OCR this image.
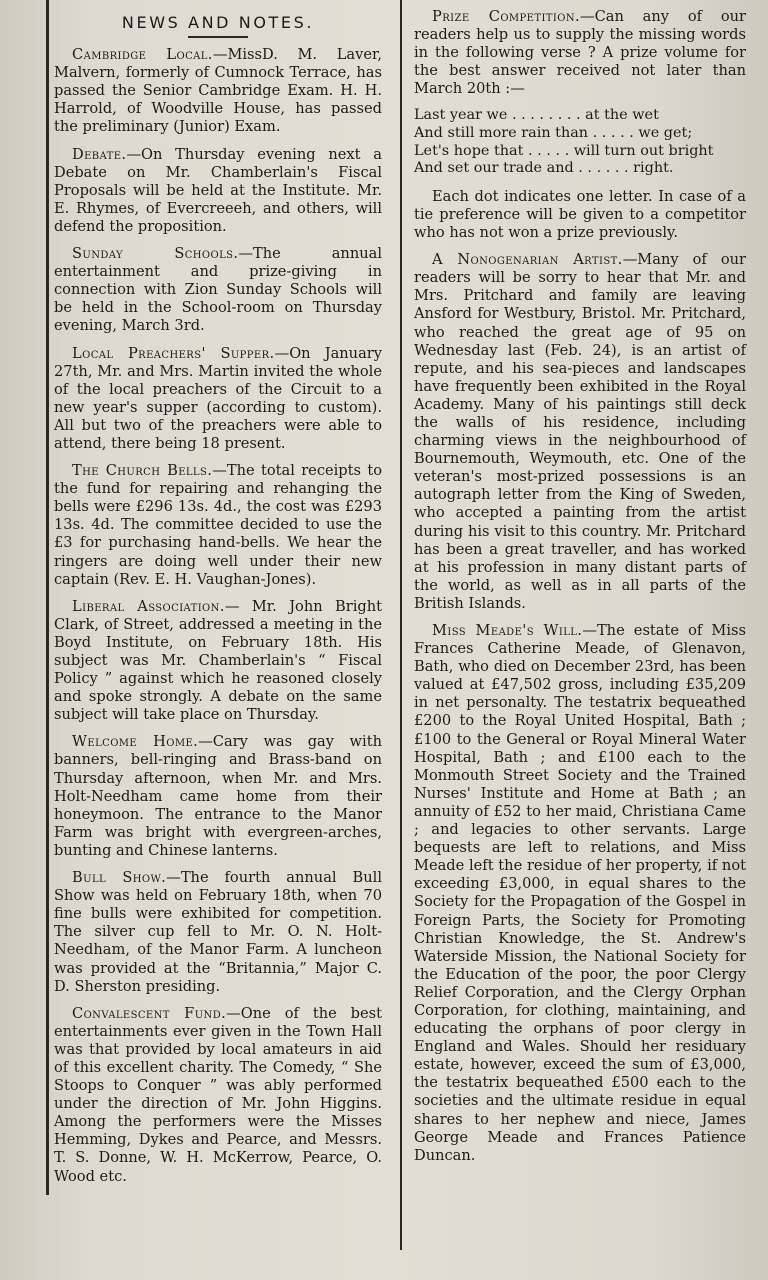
NEWS AND NOTES.

Cambridge Local.—MissD. M. Laver, Malvern, formerly of Cumnock Terrace, has passed the Senior Cambridge Exam. H. H. Harrold, of Woodville House, has passed the preliminary (Junior) Exam.

Debate.—On Thursday evening next a Debate on Mr. Chamberlain's Fiscal Proposals will be held at the Institute. Mr. E. Rhymes, of Evercreeeh, and others, will defend the proposition.

Sunday Schools.—The annual entertainment and prize-giving in connection with Zion Sunday Schools will be held in the School-room on Thursday evening, March 3rd.

Local Preachers' Supper.—On January 27th, Mr. and Mrs. Martin invited the whole of the local preachers of the Circuit to a new year's supper (according to custom). All but two of the preachers were able to attend, there being 18 present.

The Church Bells.—The total receipts to the fund for repairing and rehanging the bells were £296 13s. 4d., the cost was £293 13s. 4d. The committee decided to use the £3 for purchasing hand-bells. We hear the ringers are doing well under their new captain (Rev. E. H. Vaughan-Jones).

Liberal Association.— Mr. John Bright Clark, of Street, addressed a meeting in the Boyd Institute, on February 18th. His subject was Mr. Chamberlain's “ Fiscal Policy ” against which he reasoned closely and spoke strongly. A debate on the same subject will take place on Thursday.

Welcome Home.—Cary was gay with banners, bell-ringing and Brass-band on Thursday afternoon, when Mr. and Mrs. Holt-Needham came home from their honeymoon. The entrance to the Manor Farm was bright with evergreen-arches, bunting and Chinese lanterns.

Bull Show.—The fourth annual Bull Show was held on February 18th, when 70 fine bulls were exhibited for competition. The silver cup fell to Mr. O. N. Holt-Needham, of the Manor Farm. A luncheon was provided at the “Britannia,” Major C. D. Sherston presiding.

Convalescent Fund.—One of the best entertainments ever given in the Town Hall was that provided by local amateurs in aid of this excellent charity. The Comedy, “ She Stoops to Conquer ” was ably performed under the direction of Mr. John Higgins. Among the performers were the Misses Hemming, Dykes and Pearce, and Messrs. T. S. Donne, W. H. McKerrow, Pearce, O. Wood etc.

Prize Competition.—Can any of our readers help us to supply the missing words in the following verse ? A prize volume for the best answer received not later than March 20th :—

Last year we . . . . . . . . at the wet
And still more rain than . . . . . we get;
Let's hope that . . . . . will turn out bright
And set our trade and . . . . . . right.

Each dot indicates one letter. In case of a tie preference will be given to a competitor who has not won a prize previously.

A Nonogenarian Artist.—Many of our readers will be sorry to hear that Mr. and Mrs. Pritchard and family are leaving Ansford for Westbury, Bristol. Mr. Pritchard, who reached the great age of 95 on Wednesday last (Feb. 24), is an artist of repute, and his sea-pieces and landscapes have frequently been exhibited in the Royal Academy. Many of his paintings still deck the walls of his residence, including charming views in the neighbourhood of Bournemouth, Weymouth, etc. One of the veteran's most-prized possessions is an autograph letter from the King of Sweden, who accepted a painting from the artist during his visit to this country. Mr. Pritchard has been a great traveller, and has worked at his profession in many distant parts of the world, as well as in all parts of the British Islands.

Miss Meade's Will.—The estate of Miss Frances Catherine Meade, of Glenavon, Bath, who died on December 23rd, has been valued at £47,502 gross, including £35,209 in net personalty. The testatrix bequeathed £200 to the Royal United Hospital, Bath ; £100 to the General or Royal Mineral Water Hospital, Bath ; and £100 each to the Monmouth Street Society and the Trained Nurses' Institute and Home at Bath ; an annuity of £52 to her maid, Christiana Came ; and legacies to other servants. Large bequests are left to relations, and Miss Meade left the residue of her property, if not exceeding £3,000, in equal shares to the Society for the Propagation of the Gospel in Foreign Parts, the Society for Promoting Christian Knowledge, the St. Andrew's Waterside Mission, the National Society for the Education of the poor, the poor Clergy Relief Corporation, and the Clergy Orphan Corporation, for clothing, maintaining, and educating the orphans of poor clergy in England and Wales. Should her residuary estate, however, exceed the sum of £3,000, the testatrix bequeathed £500 each to the societies and the ultimate residue in equal shares to her nephew and niece, James George Meade and Frances Patience Duncan.
